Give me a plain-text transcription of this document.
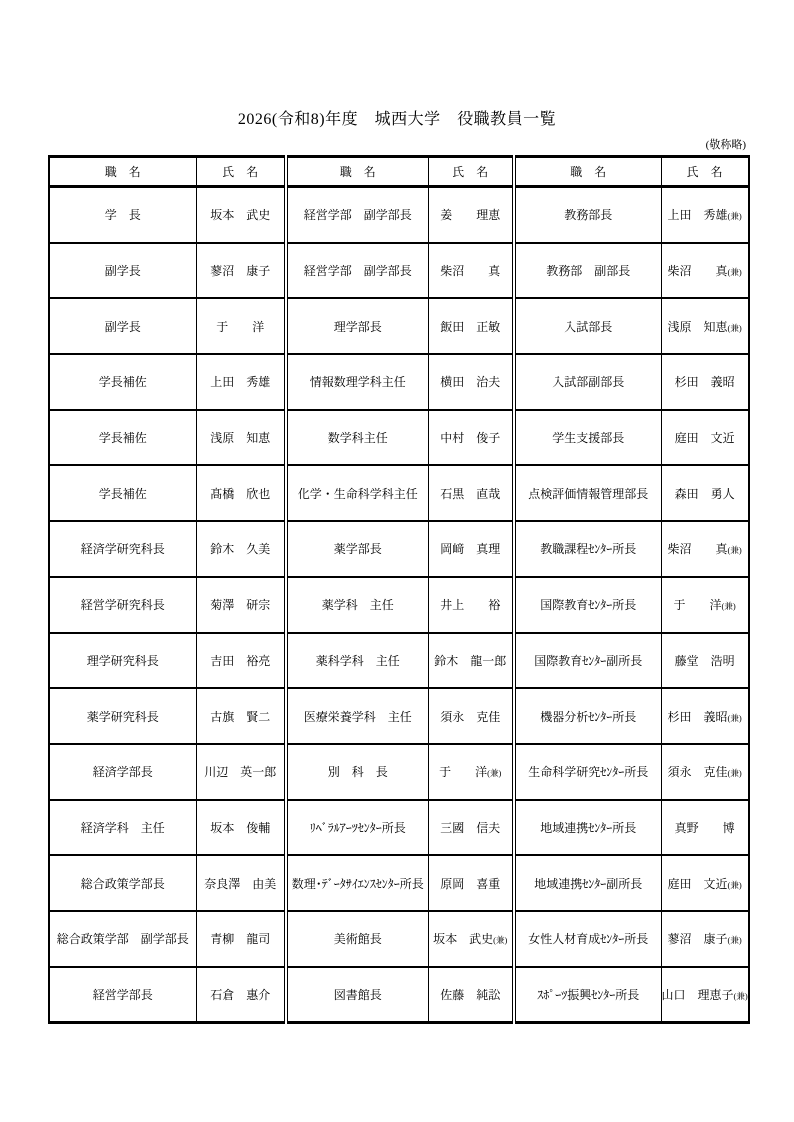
2026(令和8)年度　城西大学　役職教員一覧
(敬称略)
職　名	氏　名	職　名	氏　名	職　名	氏　名
学　長	坂本　武史	経営学部　副学部長	姜　　理恵	教務部長	上田　秀雄(兼)
副学長	蓼沼　康子	経営学部　副学部長	柴沼　　真	教務部　副部長	柴沼　　真(兼)
副学長	于　　洋	理学部長	飯田　正敏	入試部長	浅原　知恵(兼)
学長補佐	上田　秀雄	情報数理学科主任	横田　治夫	入試部副部長	杉田　義昭
学長補佐	浅原　知恵	数学科主任	中村　俊子	学生支援部長	庭田　文近
学長補佐	髙橋　欣也	化学・生命科学科主任	石黒　直哉	点検評価情報管理部長	森田　勇人
経済学研究科長	鈴木　久美	薬学部長	岡﨑　真理	教職課程ｾﾝﾀｰ所長	柴沼　　真(兼)
経営学研究科長	菊澤　研宗	薬学科　主任	井上　　裕	国際教育ｾﾝﾀｰ所長	于　　洋(兼)
理学研究科長	吉田　裕亮	薬科学科　主任	鈴木　龍一郎	国際教育ｾﾝﾀｰ副所長	藤堂　浩明
薬学研究科長	古旗　賢二	医療栄養学科　主任	須永　克佳	機器分析ｾﾝﾀｰ所長	杉田　義昭(兼)
経済学部長	川辺　英一郎	別　科　長	于　　洋(兼)	生命科学研究ｾﾝﾀｰ所長	須永　克佳(兼)
経済学科　主任	坂本　俊輔	ﾘﾍﾞﾗﾙｱｰﾂｾﾝﾀｰ所長	三國　信夫	地域連携ｾﾝﾀｰ所長	真野　　博
総合政策学部長	奈良澤　由美	数理･ﾃﾞｰﾀｻｲｴﾝｽｾﾝﾀｰ所長	原岡　喜重	地域連携ｾﾝﾀｰ副所長	庭田　文近(兼)
総合政策学部　副学部長	青柳　龍司	美術館長	坂本　武史(兼)	女性人材育成ｾﾝﾀｰ所長	蓼沼　康子(兼)
経営学部長	石倉　惠介	図書館長	佐藤　純訟	ｽﾎﾟｰﾂ振興ｾﾝﾀｰ所長	山口　理恵子(兼)
